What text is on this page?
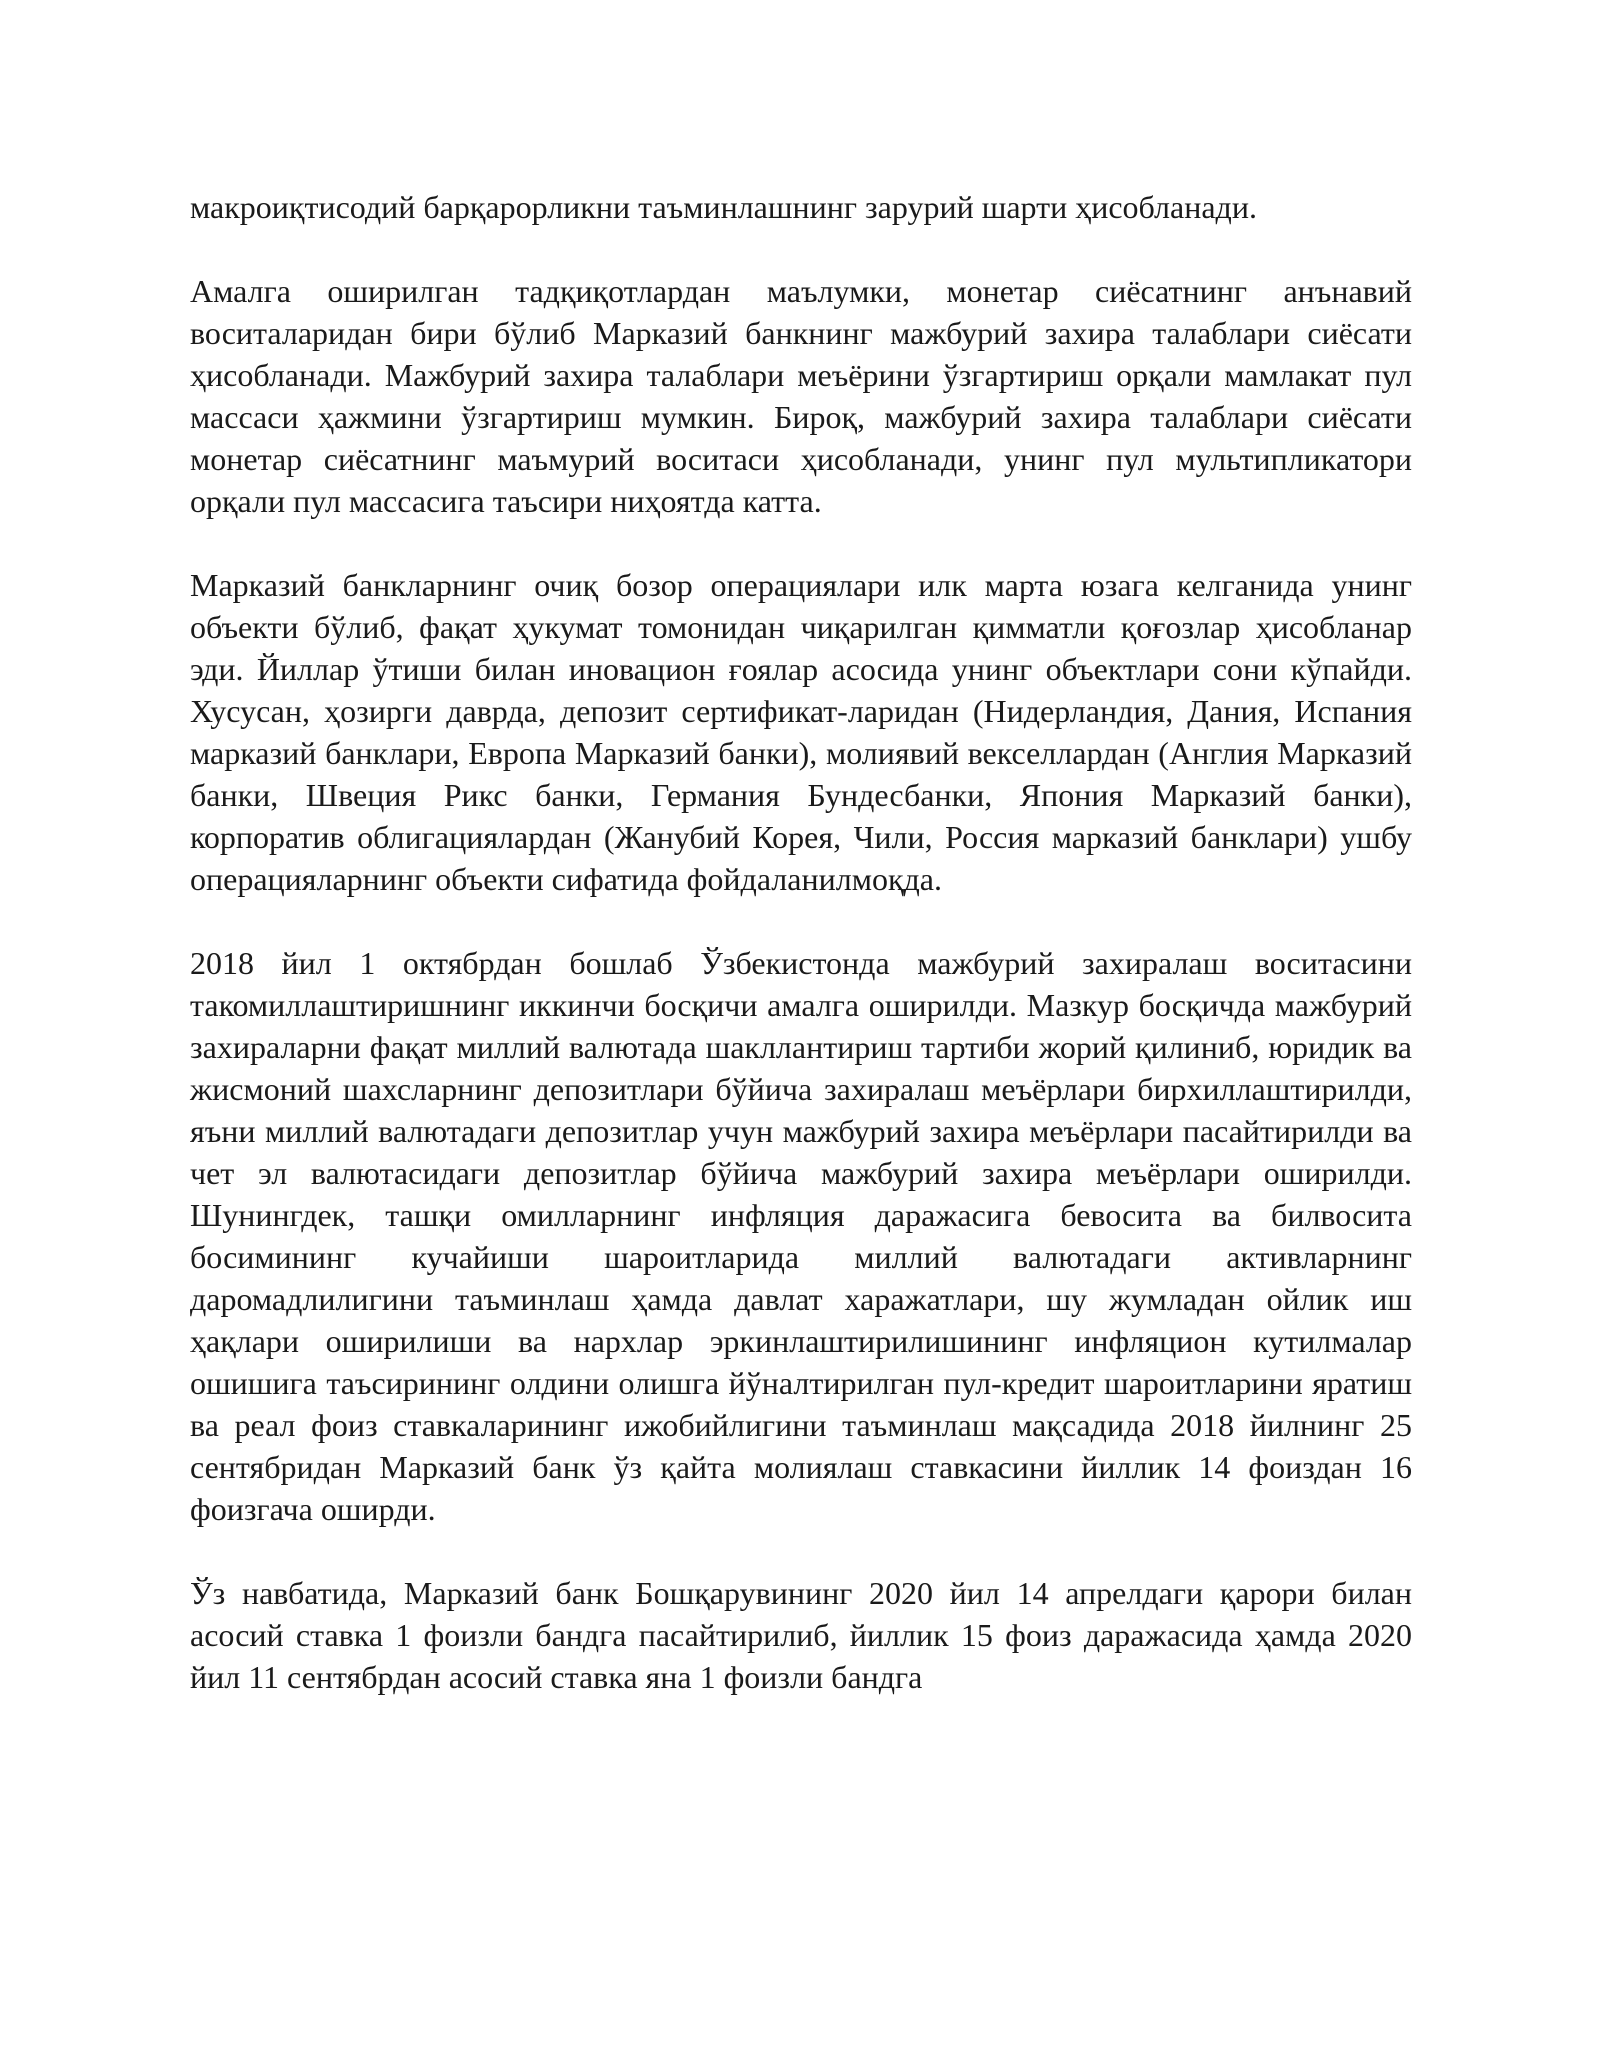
макроиқтисодий барқарорликни таъминлашнинг зарурий шарти ҳисобланади.

Амалга оширилган тадқиқотлардан маълумки, монетар сиёсатнинг анънавий воситаларидан бири бўлиб Марказий банкнинг мажбурий захира талаблари сиёсати ҳисобланади. Мажбурий захира талаблари меъёрини ўзгартириш орқали мамлакат пул массаси ҳажмини ўзгартириш мумкин. Бироқ, мажбурий захира талаблари сиёсати монетар сиёсатнинг маъмурий воситаси ҳисобланади, унинг пул мультипликатори орқали пул массасига таъсири ниҳоятда катта.

Марказий банкларнинг очиқ бозор операциялари илк марта юзага келганида унинг объекти бўлиб, фақат ҳукумат томонидан чиқарилган қимматли қоғозлар ҳисобланар эди. Йиллар ўтиши билан иновацион ғоялар асосида унинг объектлари сони кўпайди. Хусусан, ҳозирги даврда, депозит сертификат-ларидан (Нидерландия, Дания, Испания марказий банклари, Европа Марказий банки), молиявий векселлардан (Англия Марказий банки, Швеция Рикс банки, Германия Бундесбанки, Япония Марказий банки), корпоратив облигациялардан (Жанубий Корея, Чили, Россия марказий банклари) ушбу операцияларнинг объекти сифатида фойдаланилмоқда.

2018 йил 1 октябрдан бошлаб Ўзбекистонда мажбурий захиралаш воситасини такомиллаштиришнинг иккинчи босқичи амалга оширилди. Мазкур босқичда мажбурий захираларни фақат миллий валютада шакллантириш тартиби жорий қилиниб, юридик ва жисмоний шахсларнинг депозитлари бўйича захиралаш меъёрлари бирхиллаштирилди, яъни миллий валютадаги депозитлар учун мажбурий захира меъёрлари пасайтирилди ва чет эл валютасидаги депозитлар бўйича мажбурий захира меъёрлари оширилди. Шунингдек, ташқи омилларнинг инфляция даражасига бевосита ва билвосита босимининг кучайиши шароитларида миллий валютадаги активларнинг даромадлилигини таъминлаш ҳамда давлат харажатлари, шу жумладан ойлик иш ҳақлари оширилиши ва нархлар эркинлаштирилишининг инфляцион кутилмалар ошишига таъсирининг олдини олишга йўналтирилган пул-кредит шароитларини яратиш ва реал фоиз ставкаларининг ижобийлигини таъминлаш мақсадида 2018 йилнинг 25 сентябридан Марказий банк ўз қайта молиялаш ставкасини йиллик 14 фоиздан 16 фоизгача оширди.

Ўз навбатида, Марказий банк Бошқарувининг 2020 йил 14 апрелдаги қарори билан асосий ставка 1 фоизли бандга пасайтирилиб, йиллик 15 фоиз даражасида ҳамда 2020 йил 11 сентябрдан асосий ставка яна 1 фоизли бандга
